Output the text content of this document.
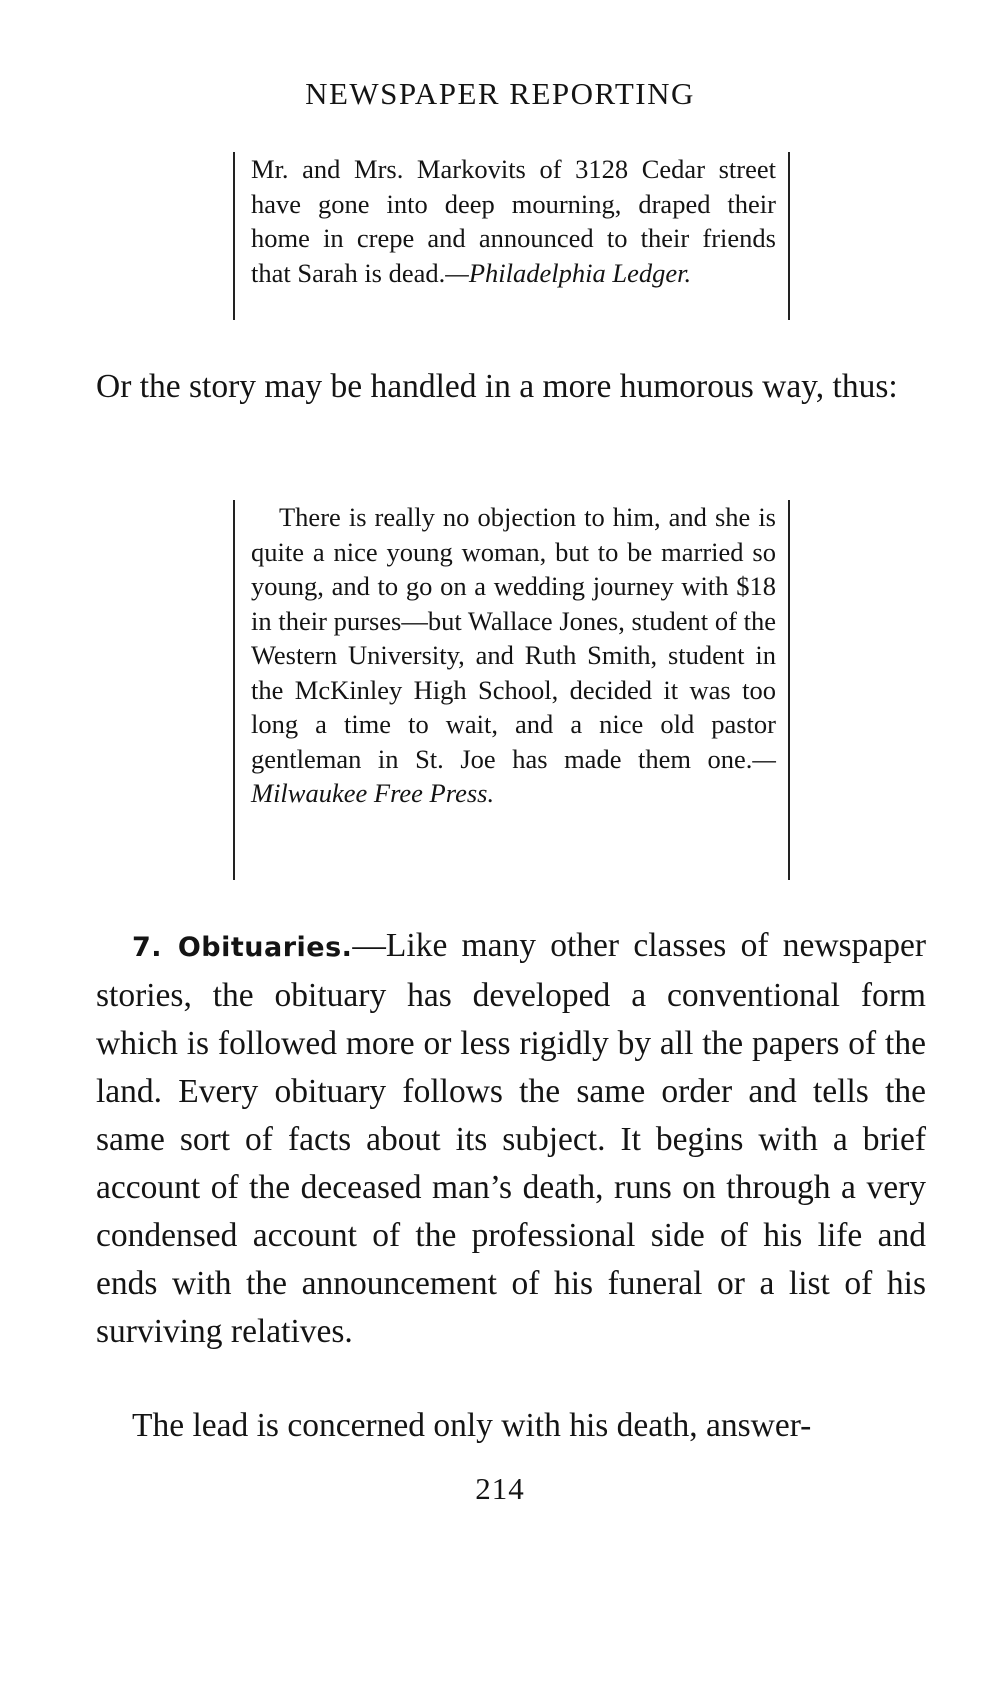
NEWSPAPER REPORTING

Mr. and Mrs. Markovits of 3128 Cedar street have gone into deep mourning, draped their home in crepe and announced to their friends that Sarah is dead.—Philadelphia Ledger.

Or the story may be handled in a more humorous way, thus:

There is really no objection to him, and she is quite a nice young woman, but to be married so young, and to go on a wedding journey with $18 in their purses—but Wallace Jones, student of the Western University, and Ruth Smith, student in the McKinley High School, decided it was too long a time to wait, and a nice old pastor gentleman in St. Joe has made them one.—Milwaukee Free Press.

7. Obituaries.—Like many other classes of newspaper stories, the obituary has developed a conventional form which is followed more or less rigidly by all the papers of the land. Every obituary follows the same order and tells the same sort of facts about its subject. It begins with a brief account of the deceased man’s death, runs on through a very condensed account of the professional side of his life and ends with the announcement of his funeral or a list of his surviving relatives.

The lead is concerned only with his death, answer-

214
